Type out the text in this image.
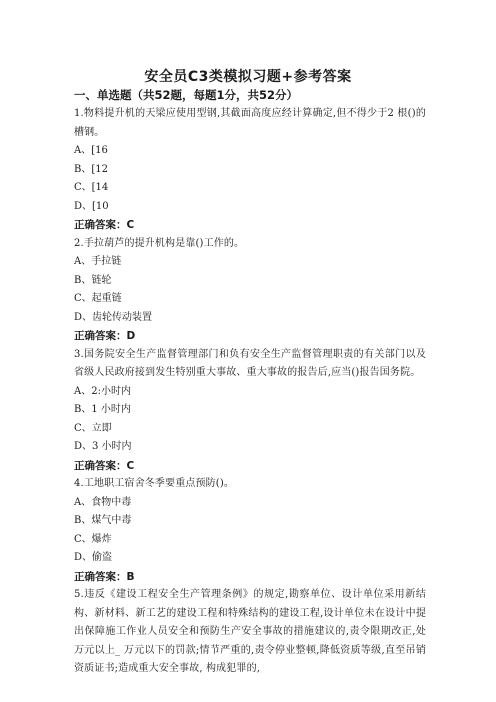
安全员C3类模拟习题+参考答案
一、单选题（共52题，每题1分，共52分）
1.物料提升机的天梁应使用型钢,其截面高度应经计算确定,但不得少于2 根()的槽钢。
A、[16
B、[12
C、[14
D、[10
正确答案：C
2.手拉葫芦的提升机构是靠()工作的。
A、手拉链
B、链轮
C、起重链
D、齿轮传动装置
正确答案：D
3.国务院安全生产监督管理部门和负有安全生产监督管理职责的有关部门以及省级人民政府接到发生特别重大事故、重大事故的报告后,应当()报告国务院。
A、2:小时内
B、1 小时内
C、立即
D、3 小时内
正确答案：C
4.工地职工宿舍冬季要重点预防()。
A、食物中毒
B、煤气中毒
C、爆炸
D、偷盗
正确答案：B
5.违反《建设工程安全生产管理条例》的规定,勘察单位、设计单位采用新结构、新材料、新工艺的建设工程和特殊结构的建设工程,设计单位未在设计中提出保障施工作业人员安全和预防生产安全事故的措施建议的,责令限期改正,处 万元以上_ 万元以下的罚款;情节严重的,责令停业整顿,降低资质等级,直至吊销资质证书;造成重大安全事故, 构成犯罪的,
